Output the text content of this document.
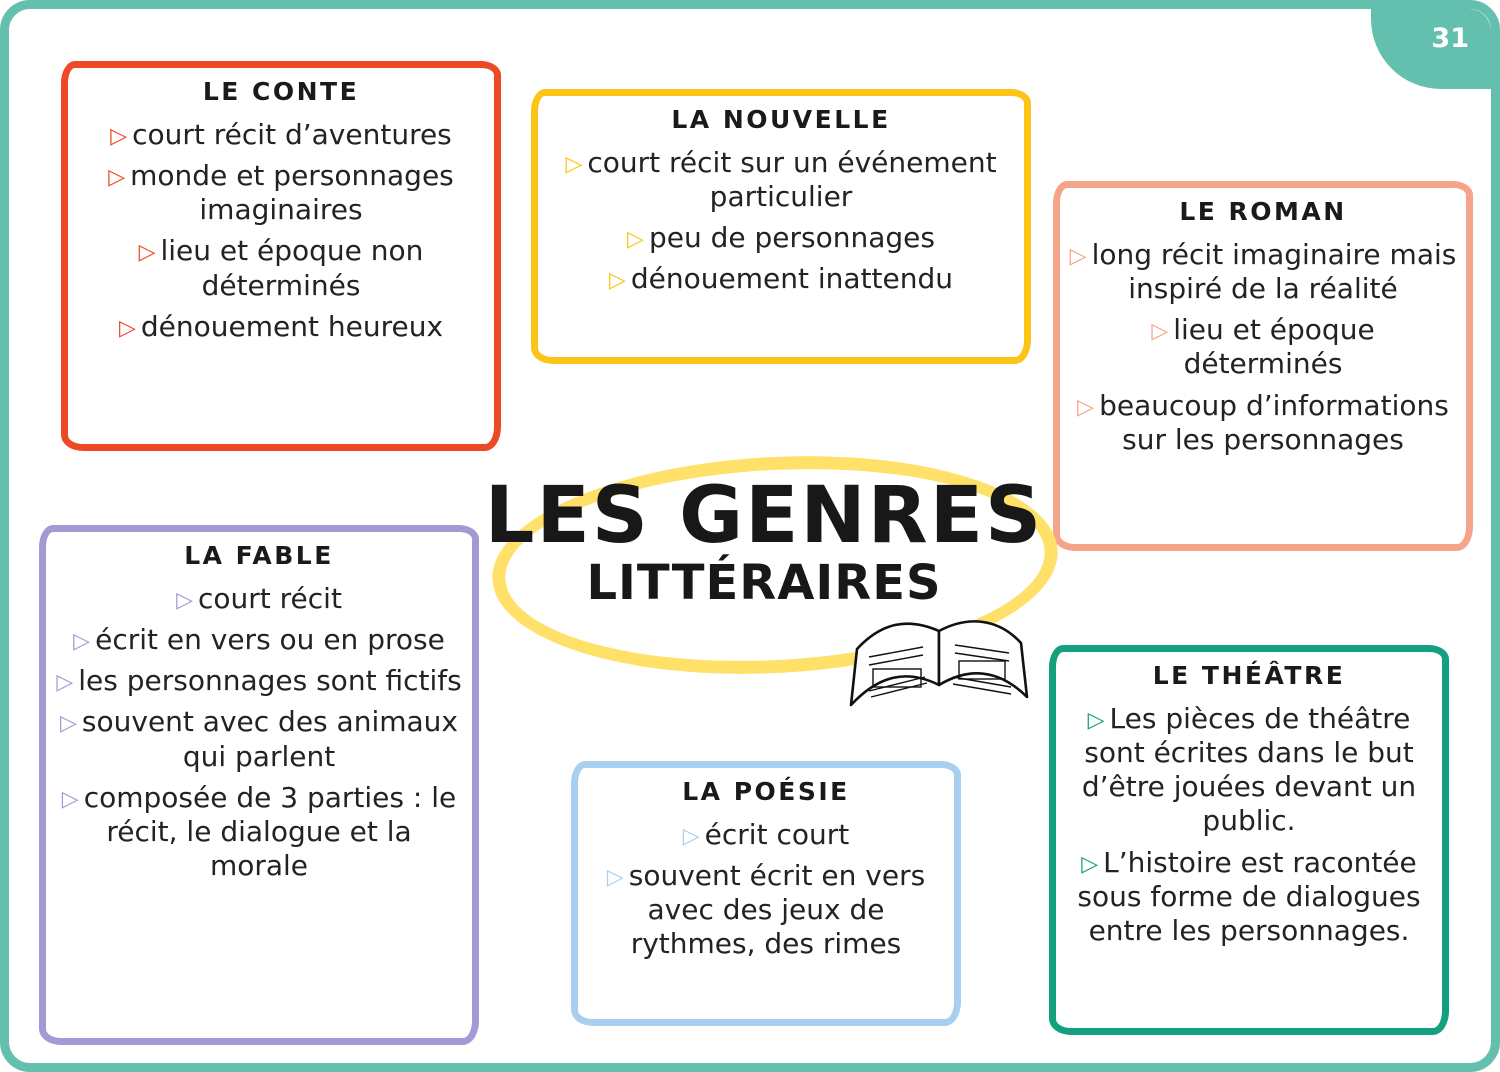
31
LE CONTE
▷ court récit d’aventures
▷ monde et personnages imaginaires
▷ lieu et époque non déterminés
▷ dénouement heureux
LA NOUVELLE
▷ court récit sur un événement particulier
▷ peu de personnages
▷ dénouement inattendu
LE ROMAN
▷ long récit imaginaire mais inspiré de la réalité
▷ lieu et époque déterminés
▷ beaucoup d’informations sur les personnages
LA FABLE
▷ court récit
▷ écrit en vers ou en prose
▷ les personnages sont fictifs
▷ souvent avec des animaux qui parlent
▷ composée de 3 parties : le récit, le dialogue et la morale
LA POÉSIE
▷ écrit court
▷ souvent écrit en vers avec des jeux de rythmes, des rimes
LE THÉÂTRE
▷ Les pièces de théâtre sont écrites dans le but d’être jouées devant un public.
▷ L’histoire est racontée sous forme de dialogues entre les personnages.
LES GENRES
LITTÉRAIRES
